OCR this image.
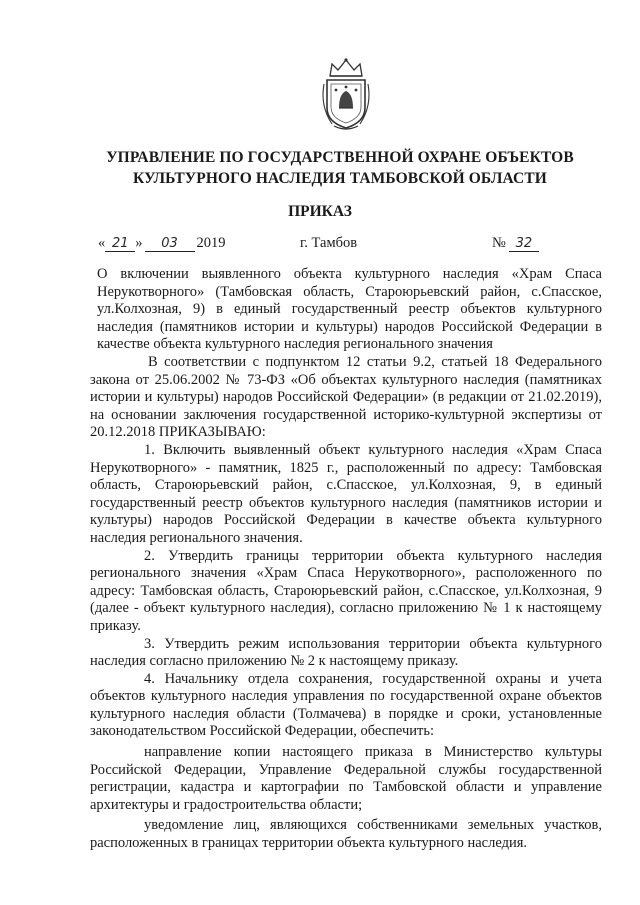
УПРАВЛЕНИЕ ПО ГОСУДАРСТВЕННОЙ ОХРАНЕ ОБЪЕКТОВ
КУЛЬТУРНОГО НАСЛЕДИЯ ТАМБОВСКОЙ ОБЛАСТИ
ПРИКАЗ
« 21 » 03 2019	г. Тамбов	№ 32
О включении выявленного объекта культурного наследия «Храм Спаса Нерукотворного» (Тамбовская область, Староюрьевский район, с.Спасское, ул.Колхозная, 9) в единый государственный реестр объектов культурного наследия (памятников истории и культуры) народов Российской Федерации в качестве объекта культурного наследия регионального значения

В соответствии с подпунктом 12 статьи 9.2, статьей 18 Федерального закона от 25.06.2002 № 73-ФЗ «Об объектах культурного наследия (памятниках истории и культуры) народов Российской Федерации» (в редакции от 21.02.2019), на основании заключения государственной историко-культурной экспертизы от 20.12.2018 ПРИКАЗЫВАЮ:

1. Включить выявленный объект культурного наследия «Храм Спаса Нерукотворного» - памятник, 1825 г., расположенный по адресу: Тамбовская область, Староюрьевский район, с.Спасское, ул.Колхозная, 9, в единый государственный реестр объектов культурного наследия (памятников истории и культуры) народов Российской Федерации в качестве объекта культурного наследия регионального значения.

2. Утвердить границы территории объекта культурного наследия регионального значения «Храм Спаса Нерукотворного», расположенного по адресу: Тамбовская область, Староюрьевский район, с.Спасское, ул.Колхозная, 9 (далее - объект культурного наследия), согласно приложению № 1 к настоящему приказу.

3. Утвердить режим использования территории объекта культурного наследия согласно приложению № 2 к настоящему приказу.

4. Начальнику отдела сохранения, государственной охраны и учета объектов культурного наследия управления по государственной охране объектов культурного наследия области (Толмачева) в порядке и сроки, установленные законодательством Российской Федерации, обеспечить:

направление копии настоящего приказа в Министерство культуры Российской Федерации, Управление Федеральной службы государственной регистрации, кадастра и картографии по Тамбовской области и управление архитектуры и градостроительства области;

уведомление лиц, являющихся собственниками земельных участков, расположенных в границах территории объекта культурного наследия.
